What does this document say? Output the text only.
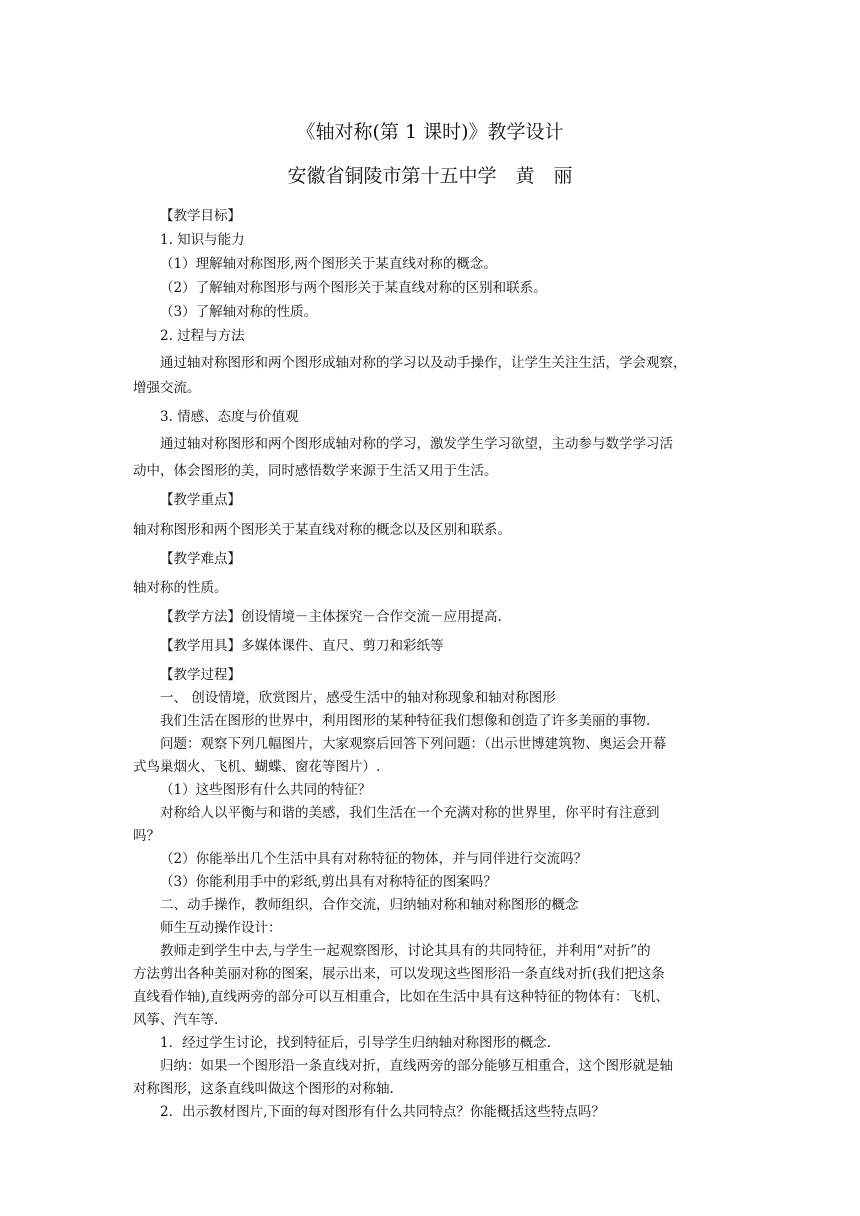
《轴对称(第 1 课时)》教学设计
安徽省铜陵市第十五中学　黄　丽
【教学目标】
1. 知识与能力
（1）理解轴对称图形,两个图形关于某直线对称的概念。
（2）了解轴对称图形与两个图形关于某直线对称的区别和联系。
（3）了解轴对称的性质。
2. 过程与方法
通过轴对称图形和两个图形成轴对称的学习以及动手操作，让学生关注生活，学会观察，
增强交流。
3. 情感、态度与价值观
通过轴对称图形和两个图形成轴对称的学习，激发学生学习欲望，主动参与数学学习活
动中，体会图形的美，同时感悟数学来源于生活又用于生活。
【教学重点】
轴对称图形和两个图形关于某直线对称的概念以及区别和联系。
【教学难点】
轴对称的性质。
【教学方法】创设情境－主体探究－合作交流－应用提高.
【教学用具】多媒体课件、直尺、剪刀和彩纸等
【教学过程】
一、 创设情境，欣赏图片，感受生活中的轴对称现象和轴对称图形
我们生活在图形的世界中，利用图形的某种特征我们想像和创造了许多美丽的事物.
问题：观察下列几幅图片，大家观察后回答下列问题：（出示世博建筑物、奥运会开幕
式鸟巢烟火、飞机、蝴蝶、窗花等图片）.
（1）这些图形有什么共同的特征？
对称给人以平衡与和谐的美感，我们生活在一个充满对称的世界里，你平时有注意到
吗？
（2）你能举出几个生活中具有对称特征的物体，并与同伴进行交流吗？
（3）你能利用手中的彩纸,剪出具有对称特征的图案吗？
二、动手操作，教师组织，合作交流，归纳轴对称和轴对称图形的概念
师生互动操作设计：
教师走到学生中去,与学生一起观察图形，讨论其具有的共同特征，并利用“对折”的
方法剪出各种美丽对称的图案，展示出来，可以发现这些图形沿一条直线对折(我们把这条
直线看作轴),直线两旁的部分可以互相重合，比如在生活中具有这种特征的物体有：飞机、
风筝、汽车等.
1．经过学生讨论，找到特征后，引导学生归纳轴对称图形的概念.
归纳：如果一个图形沿一条直线对折，直线两旁的部分能够互相重合，这个图形就是轴
对称图形，这条直线叫做这个图形的对称轴.
2．出示教材图片,下面的每对图形有什么共同特点？你能概括这些特点吗？
